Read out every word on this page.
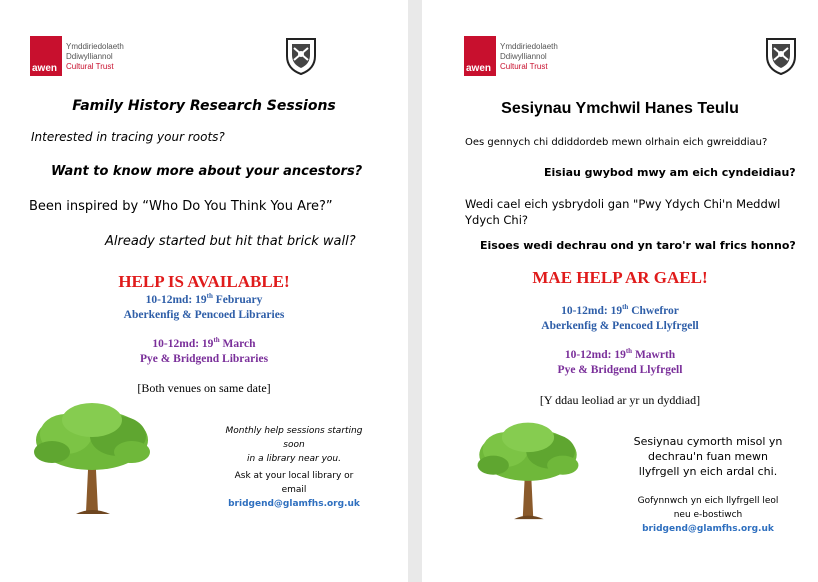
awen
Ymddiriedolaeth
Ddiwylliannol
Cultural Trust
Family History Research Sessions
Interested in tracing your roots?
Want to know more about your ancestors?
Been inspired by “Who Do You Think You Are?”
Already started but hit that brick wall?
HELP IS AVAILABLE!
10-12md: 19th February
Aberkenfig & Pencoed Libraries
10-12md: 19th March
Pye & Bridgend Libraries
[Both venues on same date]
Monthly help sessions starting soon
in a library near you.
Ask at your local library or
email
bridgend@glamfhs.org.uk
awen
Ymddiriedolaeth
Ddiwylliannol
Cultural Trust
Sesiynau Ymchwil Hanes Teulu
Oes gennych chi ddiddordeb mewn olrhain eich gwreiddiau?
Eisiau gwybod mwy am eich cyndeidiau?
Wedi cael eich ysbrydoli gan "Pwy Ydych Chi'n Meddwl
Ydych Chi?
Eisoes wedi dechrau ond yn taro'r wal frics honno?
MAE HELP AR GAEL!
10-12md: 19th Chwefror
Aberkenfig & Pencoed Llyfrgell
10-12md: 19th Mawrth
Pye & Bridgend Llyfrgell
[Y ddau leoliad ar yr un dyddiad]
Sesiynau cymorth misol yn
dechrau'n fuan mewn
llyfrgell yn eich ardal chi.
Gofynnwch yn eich llyfrgell leol
neu e-bostiwch
bridgend@glamfhs.org.uk
